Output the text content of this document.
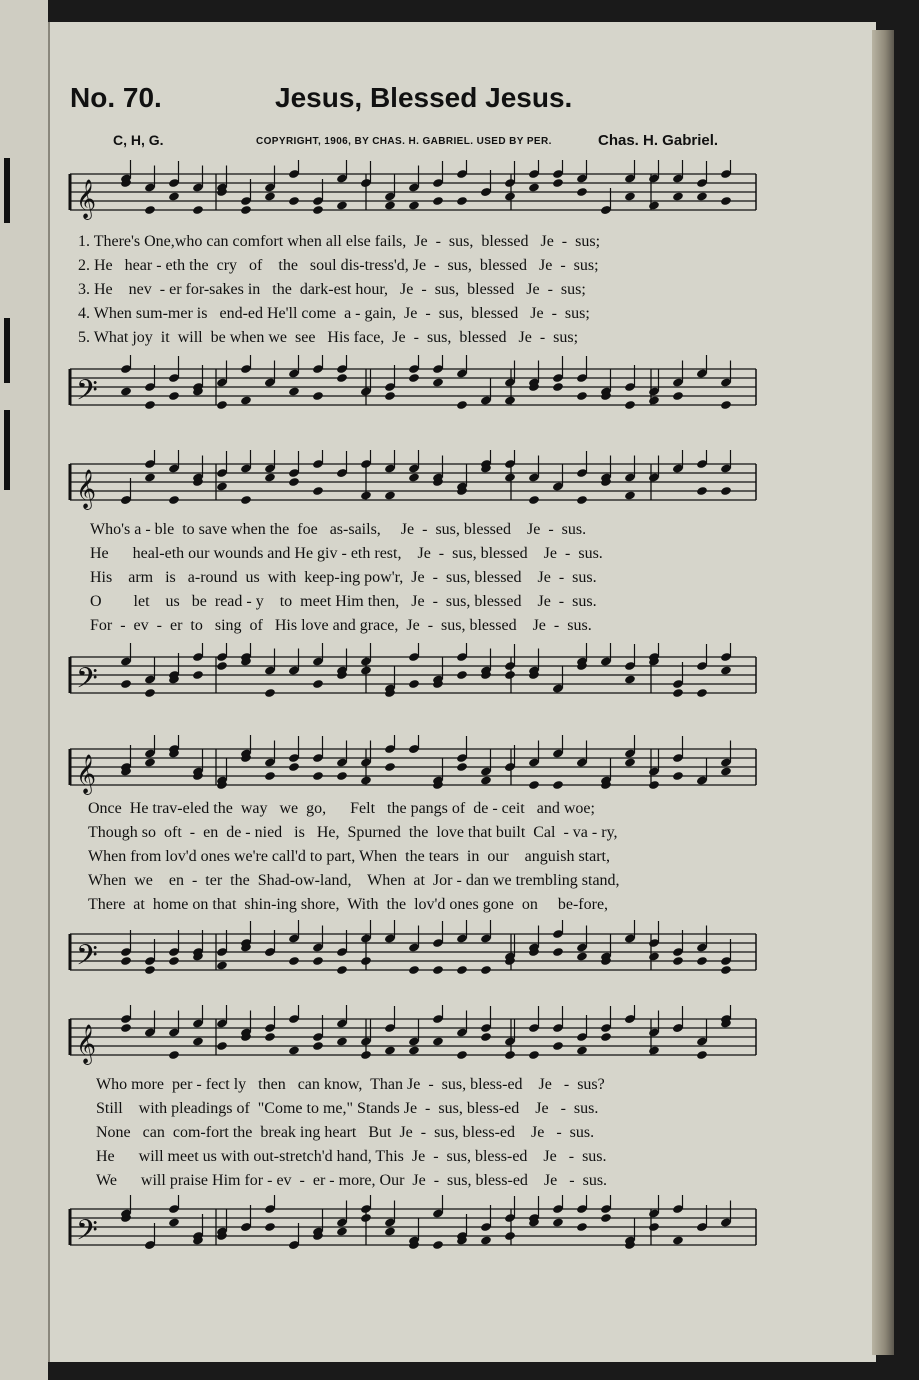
No. 70.	Jesus, Blessed Jesus.
C, H, G.	COPYRIGHT, 1906, BY CHAS. H. GABRIEL. USED BY PER.	Chas. H. Gabriel.
𝄞
1. There's One,who can comfort when all else fails,  Je  -  sus,  blessed   Je  -  sus;
2. He   hear - eth the  cry   of    the   soul dis-tress'd, Je  -  sus,  blessed   Je  -  sus;
3. He    nev  - er for-sakes in   the  dark-est hour,   Je  -  sus,  blessed   Je  -  sus;
4. When sum-mer is   end-ed He'll come  a - gain,  Je  -  sus,  blessed   Je  -  sus;
5. What joy  it  will  be when we  see   His face,  Je  -  sus,  blessed   Je  -  sus;
𝄢
𝄞
Who's a - ble  to save when the  foe   as-sails,     Je  -  sus, blessed    Je  -  sus.
He      heal-eth our wounds and He giv - eth rest,    Je  -  sus, blessed    Je  -  sus.
His    arm   is   a-round  us  with  keep-ing pow'r,  Je  -  sus, blessed    Je  -  sus.
O        let    us   be  read - y    to  meet Him then,   Je  -  sus, blessed    Je  -  sus.
For  -  ev  -  er  to   sing  of   His love and grace,  Je  -  sus, blessed    Je  -  sus.
𝄢
𝄞
Once  He trav-eled the  way   we  go,      Felt   the pangs of  de - ceit   and woe;
Though so  oft  -  en  de - nied   is   He,  Spurned  the  love that built  Cal  - va - ry,
When from lov'd ones we're call'd to part, When  the tears  in  our    anguish start,
When  we    en  -  ter  the  Shad-ow-land,    When  at  Jor - dan we trembling stand,
There  at  home on that  shin-ing shore,  With  the  lov'd ones gone  on     be-fore,
𝄢
𝄞
Who more  per - fect ly   then   can know,  Than Je  -  sus, bless-ed    Je   -  sus?
Still    with pleadings of  "Come to me," Stands Je  -  sus, bless-ed    Je   -  sus.
None   can  com-fort the  break ing heart   But  Je  -  sus, bless-ed    Je   -  sus.
He      will meet us with out-stretch'd hand, This  Je  -  sus, bless-ed    Je   -  sus.
We      will praise Him for - ev  -  er - more, Our  Je  -  sus, bless-ed    Je   -  sus.
𝄢
